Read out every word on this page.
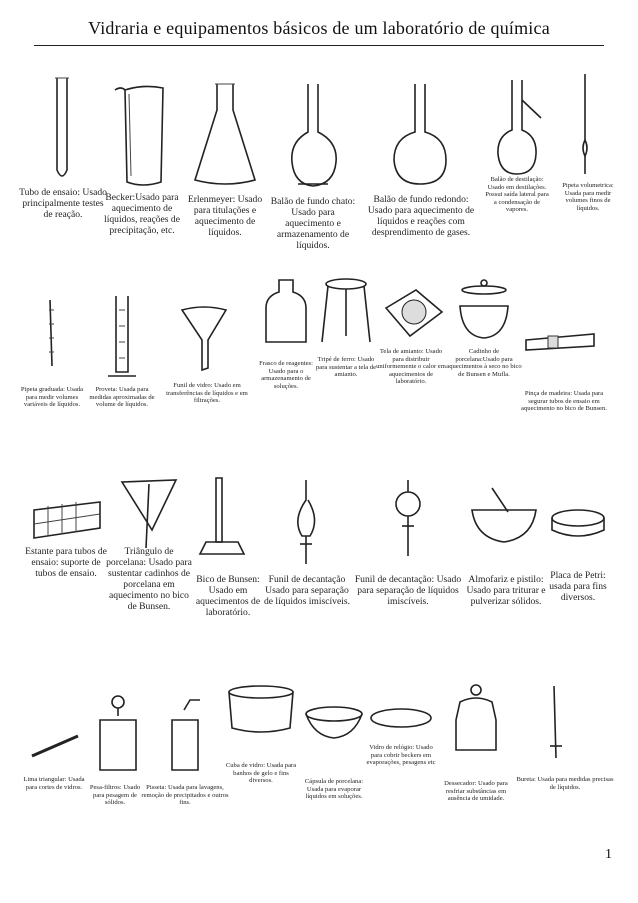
Vidraria e equipamentos básicos de um laboratório de química
Tubo de ensaio: Usado principalmente testes de reação.
Becker:Usado para aquecimento de líquidos, reações de precipitação, etc.
Erlenmeyer: Usado para titulações e aquecimento de líquidos.
Balão de fundo chato: Usado para aquecimento e armazenamento de líquidos.
Balão de fundo redondo: Usado para aquecimento de líquidos e reações com desprendimento de gases.
Balão de destilação: Usado em destilações. Possui saída lateral para a condensação de vapores.
Pipeta volumetrica: Usada para medir volumes finos de líquidos.
Pipeta graduada: Usada para medir volumes variáveis de líquidos.
Proveta: Usada para medidas aproximadas de volume de líquidos.
Funil de vidro: Usado em transferências de líquidos e em filtrações.
Frasco de reagentes: Usado para o armazenamento de soluções.
Tripé de ferro: Usado para sustentar a tela de amianto.
Tela de amianto: Usado para distribuir uniformemente o calor em aquecimentos de laboratório.
Cadinho de porcelana:Usado para aquecimentos à seco no bico de Bunsen e Mufla.
Pinça de madeira: Usada para segurar tubos de ensaio em aquecimento no bico de Bunsen.
Estante para tubos de ensaio: suporte de tubos de ensaio.
Triângulo de porcelana: Usado para sustentar cadinhos de porcelana em aquecimento no bico de Bunsen.
Bico de Bunsen: Usado em aquecimentos de laboratório.
Funil de decantação Usado para separação de líquidos imiscíveis.
Funil de decantação: Usado para separação de líquidos imiscíveis.
Almofariz e pistilo: Usado para triturar e pulverizar sólidos.
Placa de Petri: usada para fins diversos.
Lima triangular: Usada para cortes de vidros.	Pesa-filtros: Usado para pesagem de sólidos.
Pisseta: Usada para lavagens, remoção de precipitados e outros fins.
Cuba de vidro: Usada para banhos de gelo e fins diversos.	Cápsula de porcelana: Usada para evaporar líquidos em soluções.
Vidro de relógio: Usado para cobrir beckers em evaporações, pesagens etc
Dessecador: Usado para resfriar substâncias em ausência de umidade.
Bureta: Usada para medidas precisas de líquidos.
1
